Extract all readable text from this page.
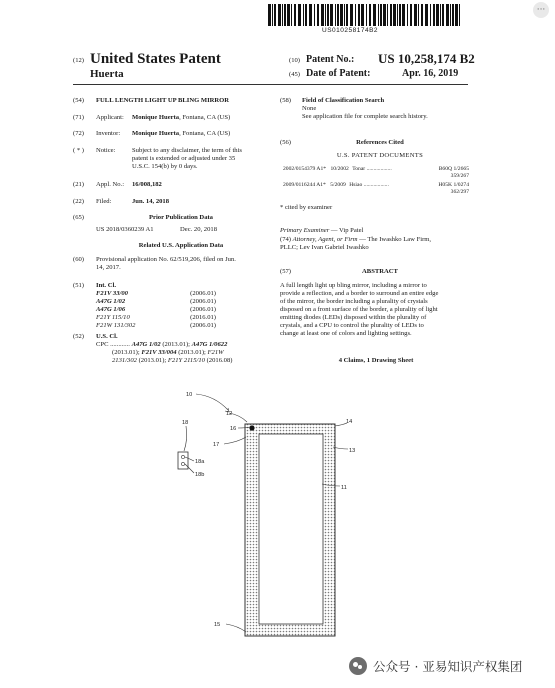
US010258174B2
···
(12) United States Patent
Huerta
(10) Patent No.: US 10,258,174 B2
(45) Date of Patent:	Apr. 16, 2019
(54) FULL LENGTH LIGHT UP BLING MIRROR
(71) Applicant: Monique Huerta, Fontana, CA (US)
(72) Inventor: Monique Huerta, Fontana, CA (US)
( * ) Notice:	Subject to any disclaimer, the term of this
patent is extended or adjusted under 35
U.S.C. 154(b) by 0 days.
(21) Appl. No.: 16/008,182
(22) Filed:	Jun. 14, 2018
(65)	Prior Publication Data
US 2018/0360239 A1	Dec. 20, 2018
Related U.S. Application Data
(60) Provisional application No. 62/519,206, filed on Jun.
14, 2017.
(51) Int. Cl.
F21V 33/00	(2006.01)
A47G 1/02	(2006.01)
A47G 1/06	(2006.01)
F21Y 115/10	(2016.01)
F21W 131/302	(2006.01)
(52) U.S. Cl.
CPC ............ A47G 1/02 (2013.01); A47G 1/0622
(2013.01); F21V 33/004 (2013.01); F21W
2131/302 (2013.01); F21Y 2115/10 (2016.08)
(58) Field of Classification Search
None
See application file for complete search history.
(56)	References Cited
U.S. PATENT DOCUMENTS
2002/0154379 A1* 10/2002 Tonar ..................	B60Q 1/2665
359/267
2009/0116244 A1* 5/2009 Hsiao ..................	H05K 1/0274
362/297
* cited by examiner
Primary Examiner — Vip Patel
(74) Attorney, Agent, or Firm — The Iwashko Law Firm,
PLLC; Lev Ivan Gabriel Iwashko
(57)	ABSTRACT
A full length light up bling mirror, including a mirror to
provide a reflection, and a border to surround an entire edge
of the mirror, the border including a plurality of crystals
disposed on a front surface of the border, a plurality of light
emitting diodes (LEDs) disposed within the plurality of
crystals, and a CPU to control the plurality of LEDs to
change at least one of colors and lighting settings.
4 Claims, 1 Drawing Sheet
10
12
16
17
18
18a
18b
14
13
11
15
公众号 · 亚易知识产权集团
